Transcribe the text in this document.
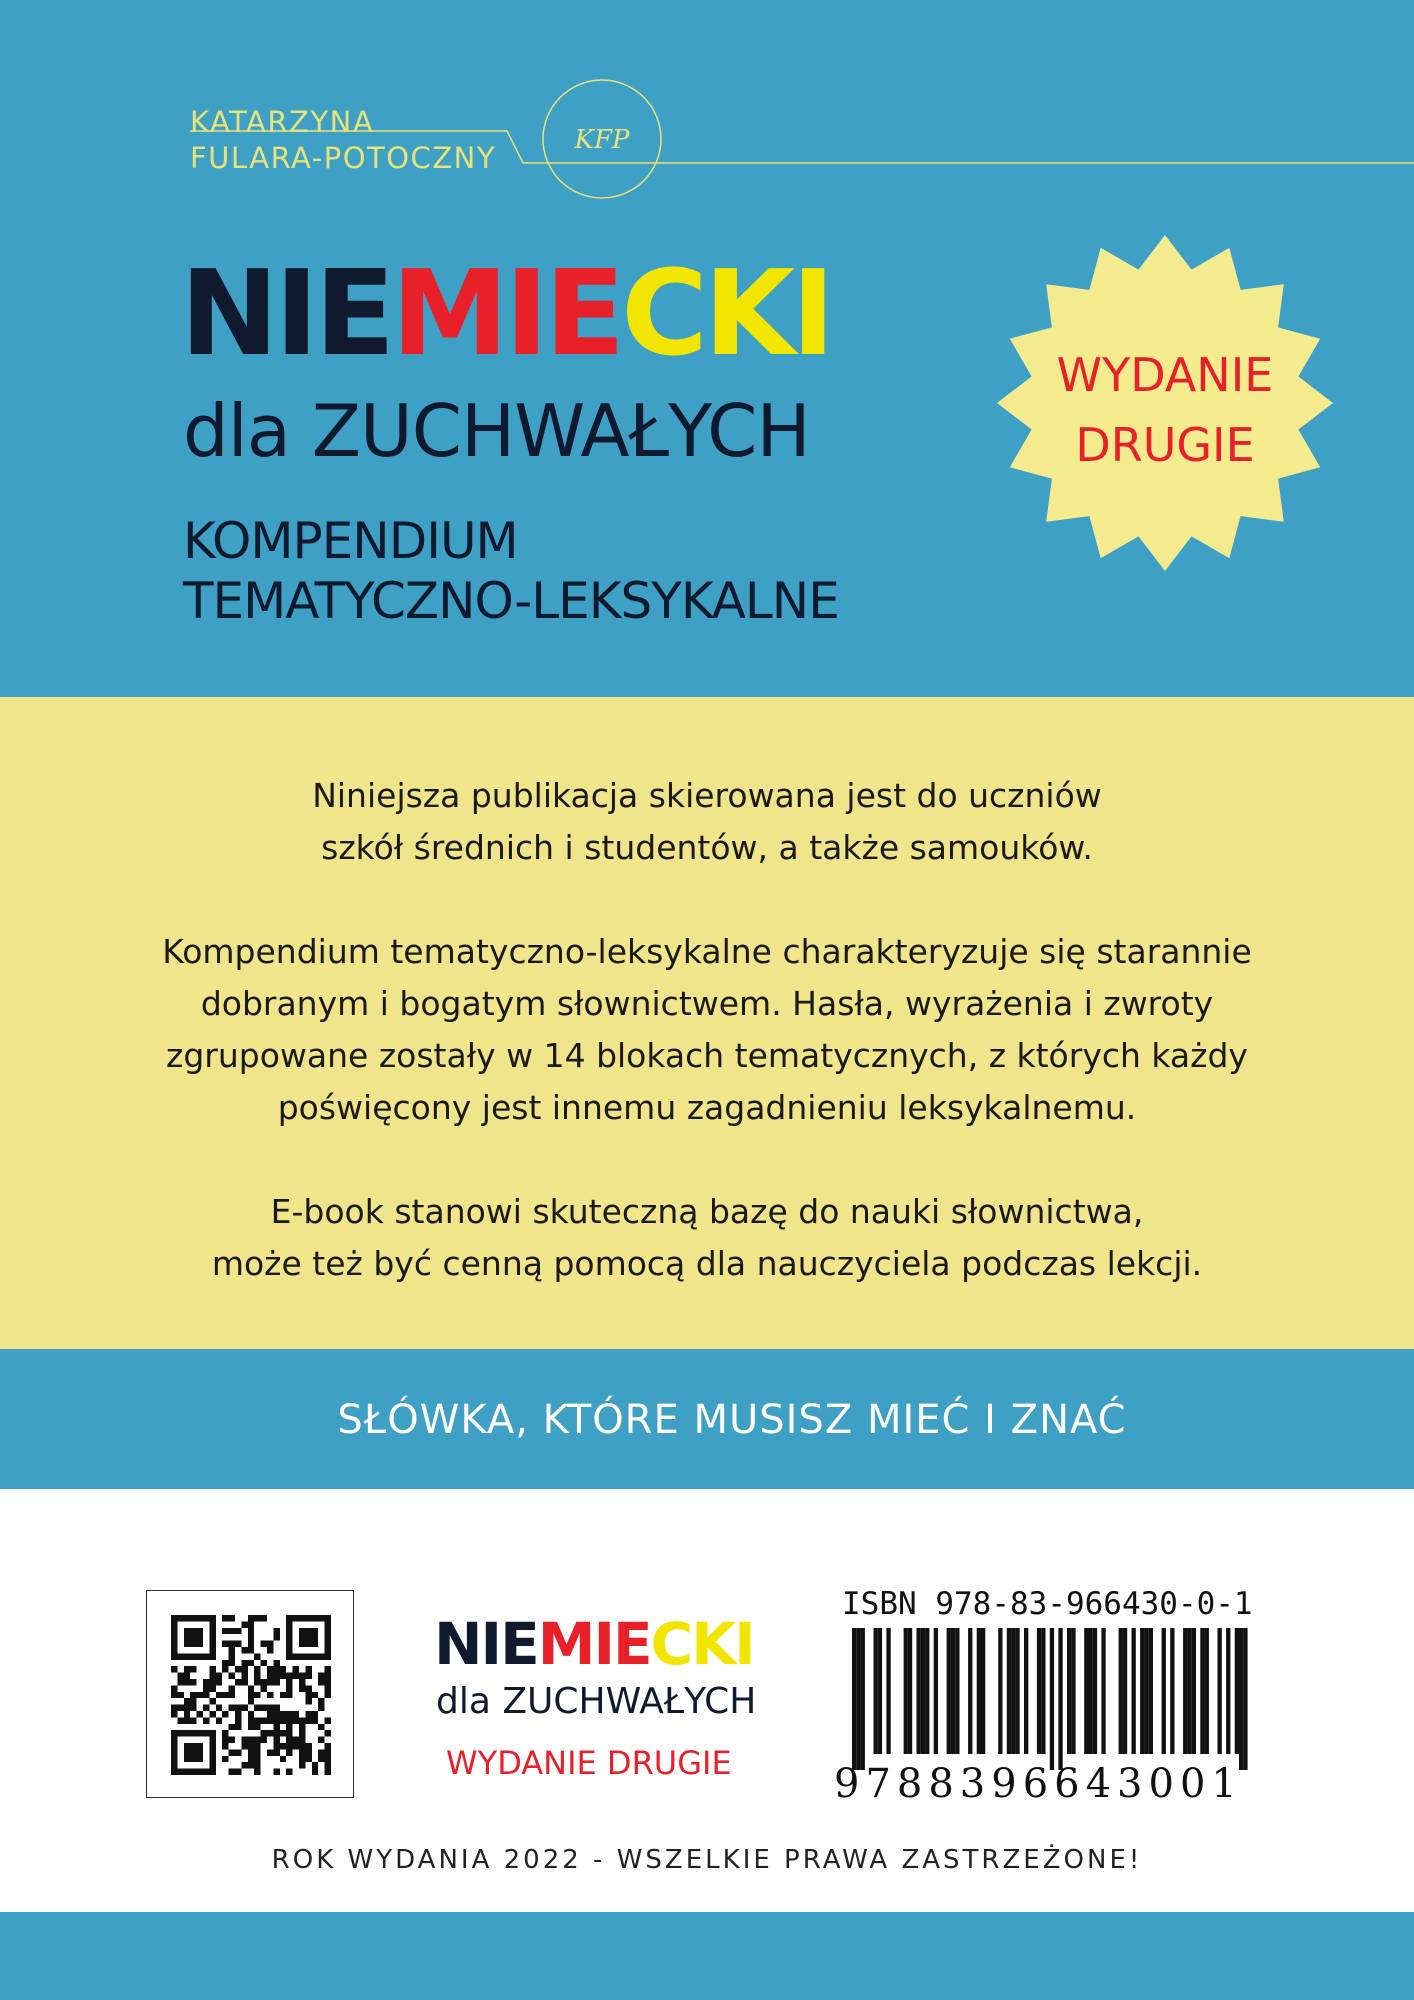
KFP
KATARZYNA
FULARA-POTOCZNY
NIEMIECKI
dla ZUCHWAŁYCH
KOMPENDIUM
TEMATYCZNO-LEKSYKALNE
WYDANIE
DRUGIE

Niniejsza publikacja skierowana jest do uczniów
szkół średnich i studentów, a także samouków.

Kompendium tematyczno-leksykalne charakteryzuje się starannie
dobranym i bogatym słownictwem. Hasła, wyrażenia i zwroty
zgrupowane zostały w 14 blokach tematycznych, z których każdy
poświęcony jest innemu zagadnieniu leksykalnemu.

E-book stanowi skuteczną bazę do nauki słownictwa,
może też być cenną pomocą dla nauczyciela podczas lekcji.

SŁÓWKA, KTÓRE MUSISZ MIEĆ I ZNAĆ
NIEMIECKI
dla ZUCHWAŁYCH
WYDANIE DRUGIE
ISBN 978-83-966430-0-1
9788396643001
ROK WYDANIA 2022 - WSZELKIE PRAWA ZASTRZEŻONE!
